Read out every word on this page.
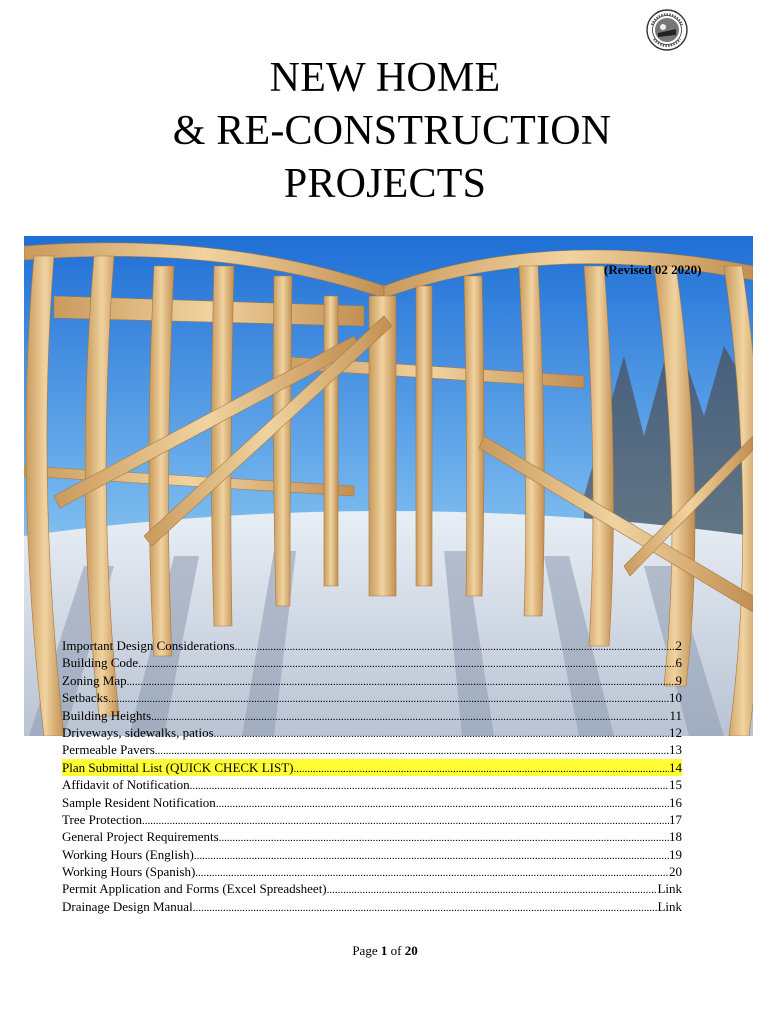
NEW HOME
& RE-CONSTRUCTION
PROJECTS
(Revised 02 2020)
Important Design Considerations .....	2
Building Code .....	6
Zoning Map .....	9
Setbacks .....	10
Building Heights .....	11
Driveways, sidewalks, patios .....	12
Permeable Pavers .....	13
Plan Submittal List (QUICK CHECK LIST) .....	14
Affidavit of Notification .....	15
Sample Resident Notification .....	16
Tree Protection .....	17
General Project Requirements .....	18
Working Hours (English) .....	19
Working Hours (Spanish) .....	20
Permit Application and Forms (Excel Spreadsheet) .....	Link
Drainage Design Manual .....	Link
Page 1 of 20
